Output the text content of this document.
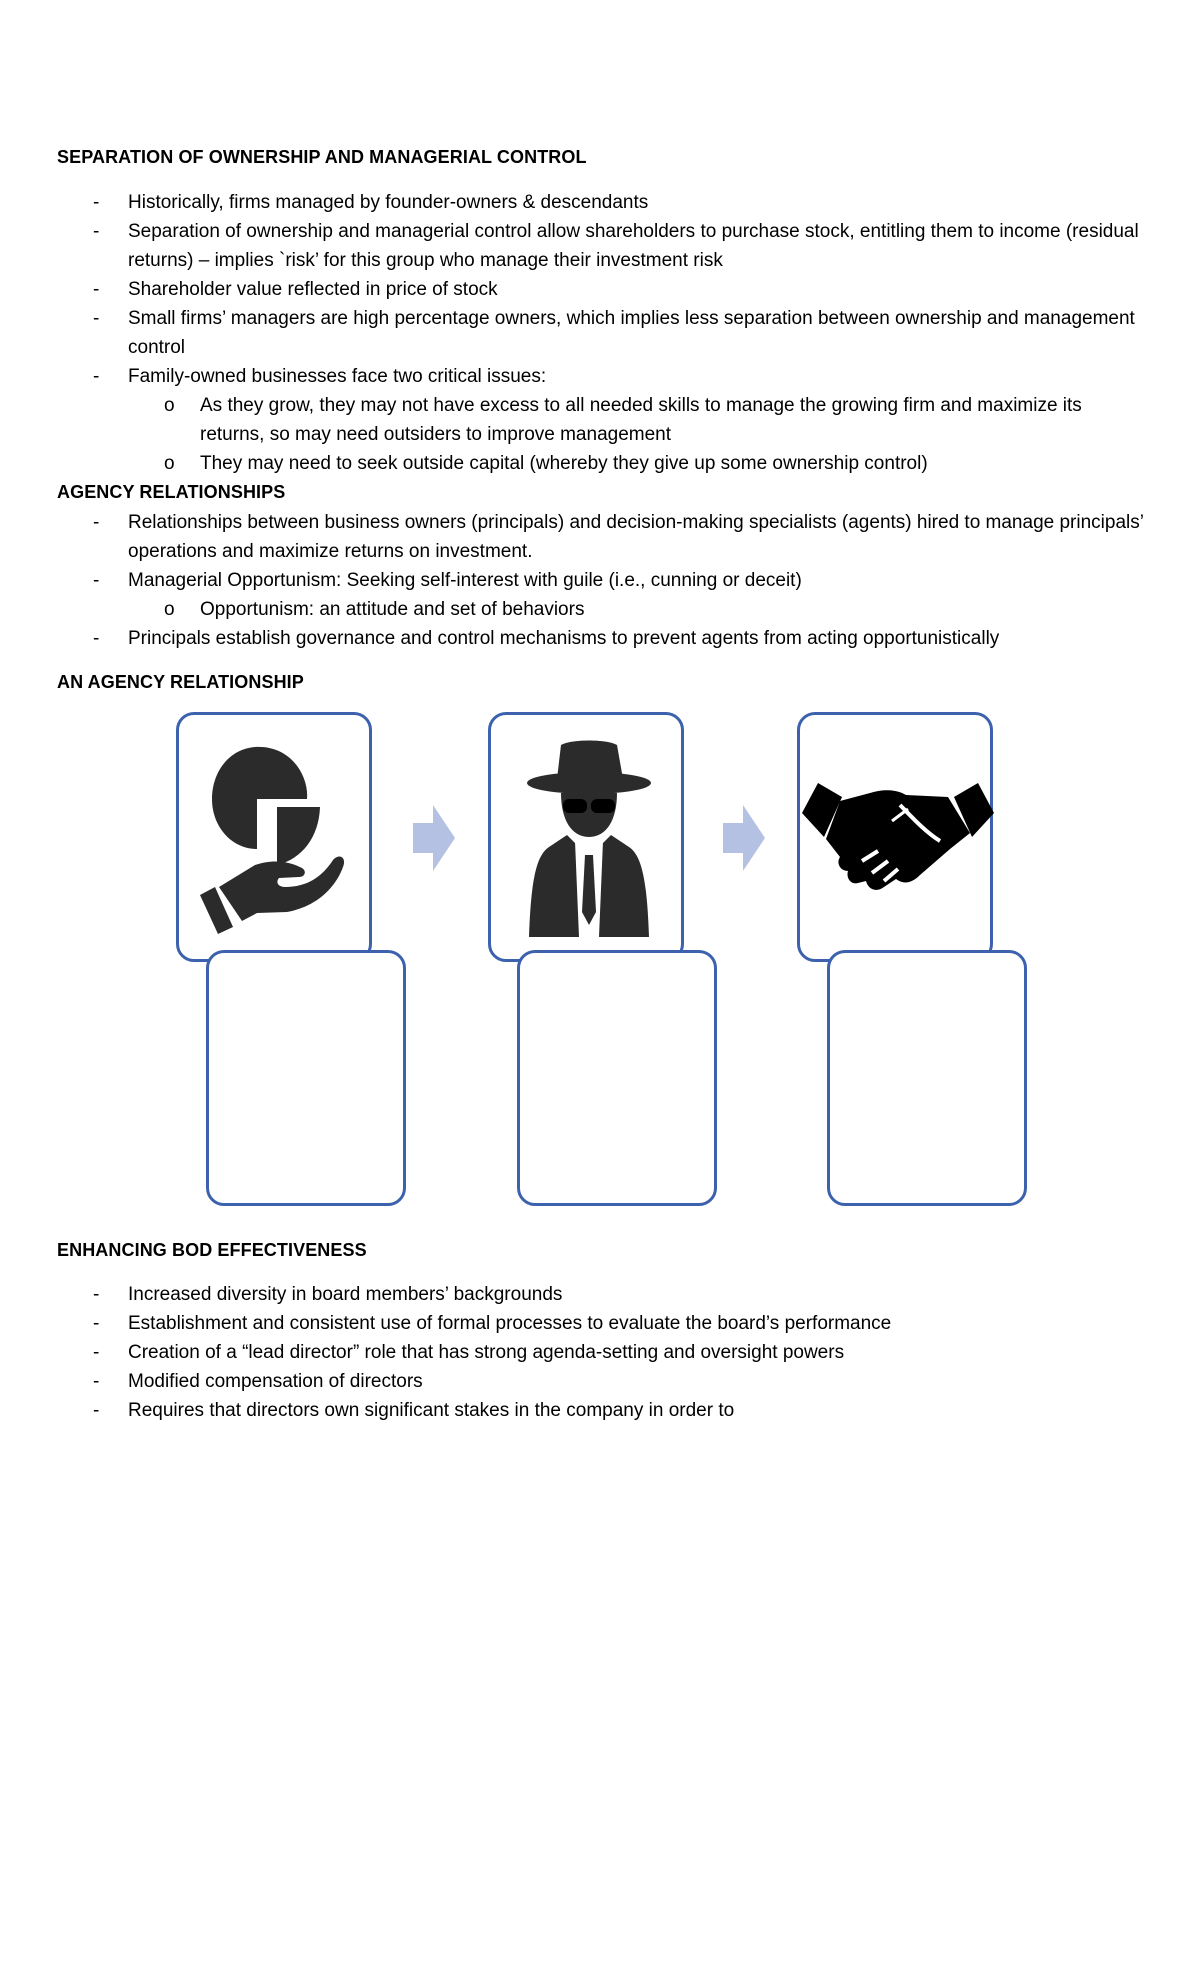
SEPARATION OF OWNERSHIP AND MANAGERIAL CONTROL
- Historically, firms managed by founder-owners & descendants
- Separation of ownership and managerial control allow shareholders to purchase stock, entitling them to income (residual returns) – implies `risk’ for this group who manage their investment risk
- Shareholder value reflected in price of stock
- Small firms’ managers are high percentage owners, which implies less separation between ownership and management control
- Family-owned businesses face two critical issues:
o As they grow, they may not have excess to all needed skills to manage the growing firm and maximize its returns, so may need outsiders to improve management
o They may need to seek outside capital (whereby they give up some ownership control)
AGENCY RELATIONSHIPS
- Relationships between business owners (principals) and decision-making specialists (agents) hired to manage principals’ operations and maximize returns on investment.
- Managerial Opportunism: Seeking self-interest with guile (i.e., cunning or deceit)
o Opportunism: an attitude and set of behaviors
- Principals establish governance and control mechanisms to prevent agents from acting opportunistically
AN AGENCY RELATIONSHIP
ENHANCING BOD EFFECTIVENESS
- Increased diversity in board members’ backgrounds
- Establishment and consistent use of formal processes to evaluate the board’s performance
- Creation of a “lead director” role that has strong agenda-setting and oversight powers
- Modified compensation of directors
- Requires that directors own significant stakes in the company in order to
